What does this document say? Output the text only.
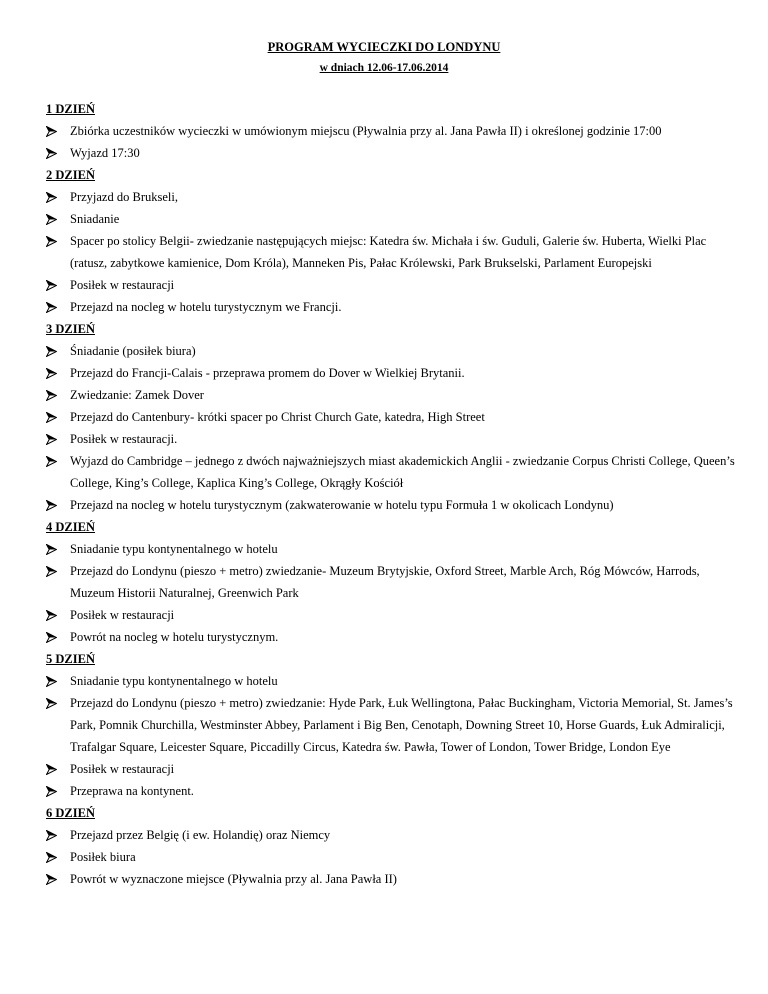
PROGRAM WYCIECZKI DO LONDYNU
w dniach 12.06-17.06.2014
1 DZIEŃ
Zbiórka uczestników wycieczki w umówionym miejscu (Pływalnia przy al. Jana Pawła II) i określonej godzinie 17:00
Wyjazd 17:30
2 DZIEŃ
Przyjazd do Brukseli,
Sniadanie
Spacer po stolicy Belgii- zwiedzanie następujących miejsc: Katedra św. Michała i św. Guduli, Galerie św. Huberta, Wielki Plac (ratusz, zabytkowe kamienice, Dom Króla), Manneken Pis, Pałac Królewski, Park Brukselski, Parlament Europejski
Posiłek w restauracji
Przejazd na nocleg w hotelu turystycznym we Francji.
3 DZIEŃ
Śniadanie (posiłek biura)
Przejazd do Francji-Calais - przeprawa promem do Dover w Wielkiej Brytanii.
Zwiedzanie: Zamek Dover
Przejazd do Cantenbury- krótki spacer po Christ Church Gate, katedra, High Street
Posiłek w restauracji.
Wyjazd do Cambridge – jednego z dwóch najważniejszych miast akademickich Anglii - zwiedzanie Corpus Christi College, Queen’s College, King’s College, Kaplica King’s College, Okrągły Kościół
Przejazd na nocleg w hotelu turystycznym (zakwaterowanie w hotelu typu Formuła 1 w okolicach Londynu)
4 DZIEŃ
Sniadanie typu kontynentalnego w hotelu
Przejazd do Londynu (pieszo + metro) zwiedzanie- Muzeum Brytyjskie, Oxford Street, Marble Arch, Róg Mówców, Harrods, Muzeum Historii Naturalnej, Greenwich Park
Posiłek w restauracji
Powrót na nocleg w hotelu turystycznym.
5 DZIEŃ
Sniadanie typu kontynentalnego w hotelu
Przejazd do Londynu (pieszo + metro) zwiedzanie: Hyde Park, Łuk Wellingtona, Pałac Buckingham, Victoria Memorial, St. James’s Park, Pomnik Churchilla, Westminster Abbey, Parlament i Big Ben, Cenotaph, Downing Street 10, Horse Guards, Łuk Admiralicji, Trafalgar Square, Leicester Square, Piccadilly Circus, Katedra św. Pawła, Tower of London, Tower Bridge, London Eye
Posiłek w restauracji
Przeprawa na kontynent.
6 DZIEŃ
Przejazd przez Belgię (i ew. Holandię) oraz Niemcy
Posiłek biura
Powrót w wyznaczone miejsce (Pływalnia przy al. Jana Pawła II)
